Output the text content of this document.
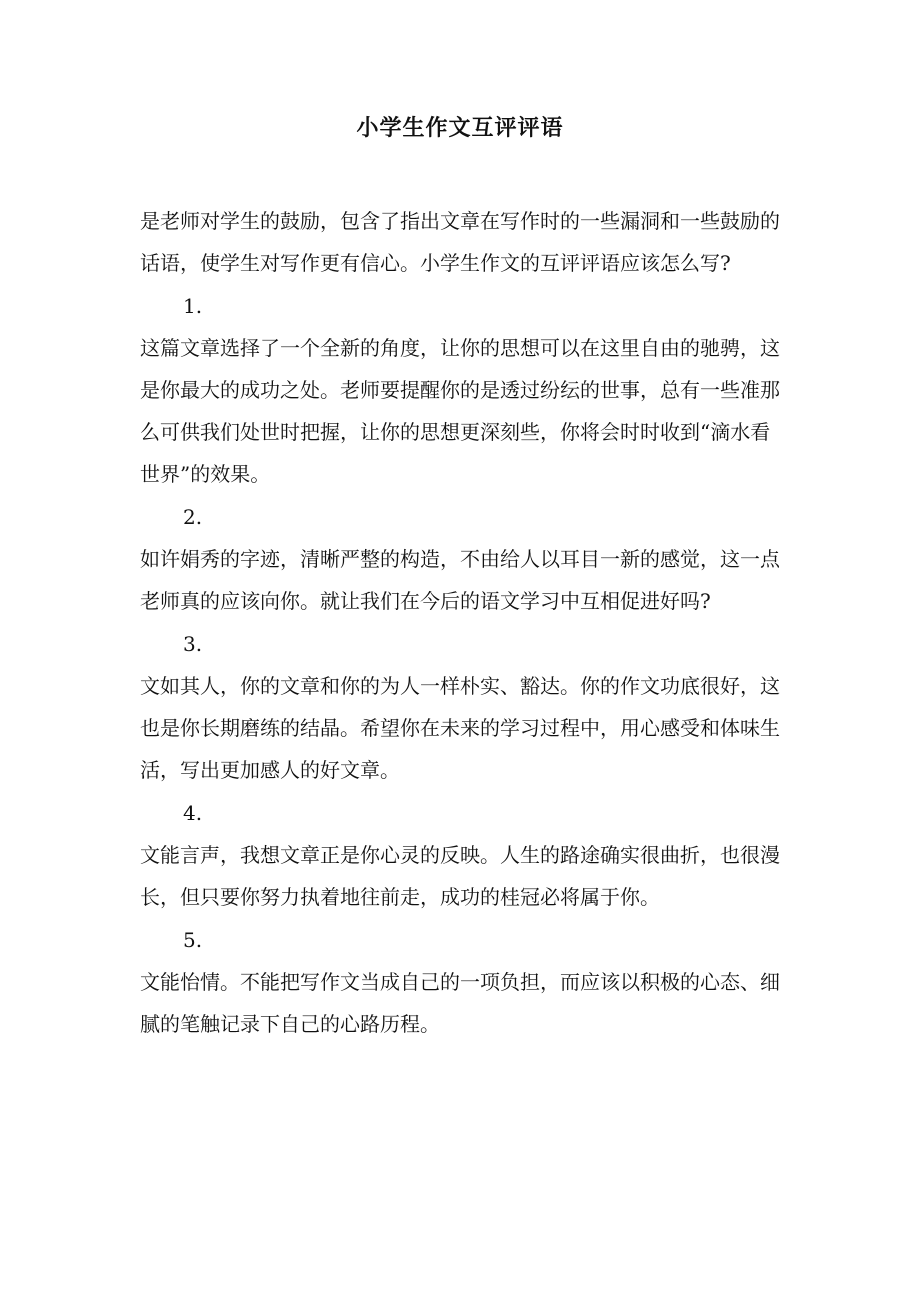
小学生作文互评评语

是老师对学生的鼓励，包含了指出文章在写作时的一些漏洞和一些鼓励的话语，使学生对写作更有信心。小学生作文的互评评语应该怎么写?

1.

这篇文章选择了一个全新的角度，让你的思想可以在这里自由的驰骋，这是你最大的成功之处。老师要提醒你的是透过纷纭的世事，总有一些准那么可供我们处世时把握，让你的思想更深刻些，你将会时时收到“滴水看世界”的效果。

2.

如许娟秀的字迹，清晰严整的构造，不由给人以耳目一新的感觉，这一点老师真的应该向你。就让我们在今后的语文学习中互相促进好吗?

3.

文如其人，你的文章和你的为人一样朴实、豁达。你的作文功底很好，这也是你长期磨练的结晶。希望你在未来的学习过程中，用心感受和体味生活，写出更加感人的好文章。

4.

文能言声，我想文章正是你心灵的反映。人生的路途确实很曲折，也很漫长，但只要你努力执着地往前走，成功的桂冠必将属于你。

5.

文能怡情。不能把写作文当成自己的一项负担，而应该以积极的心态、细腻的笔触记录下自己的心路历程。
